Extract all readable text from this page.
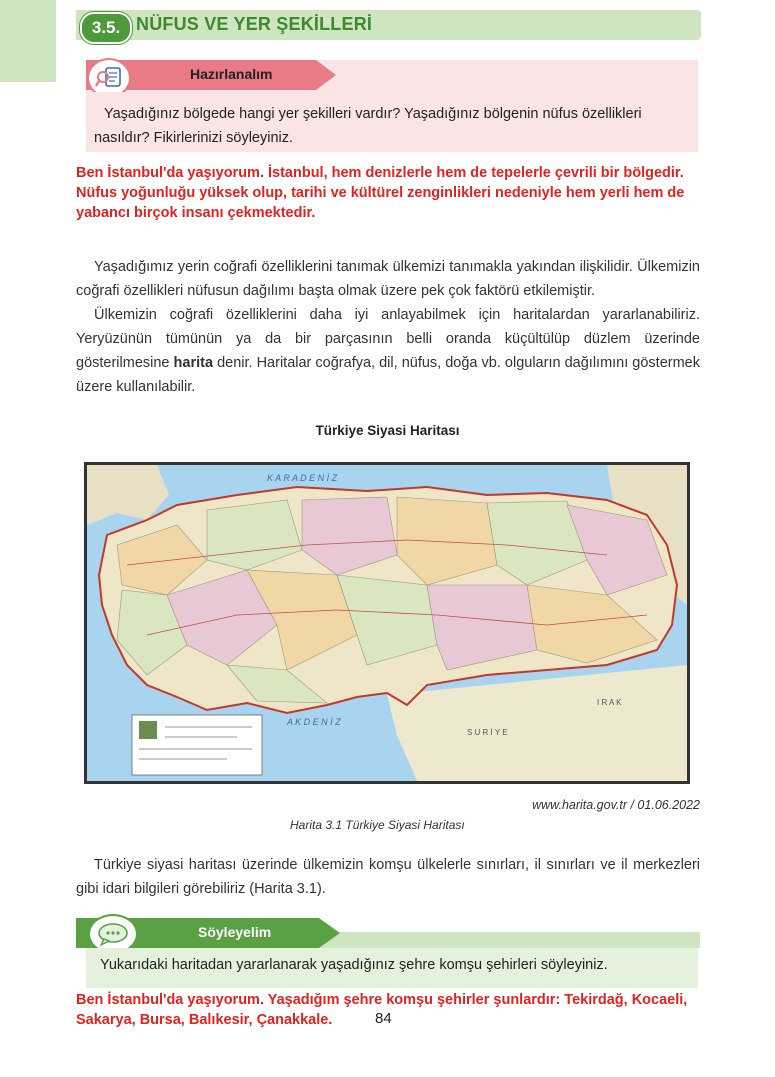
3.5. NÜFUS VE YER ŞEKİLLERİ
Hazırlanalım
Yaşadığınız bölgede hangi yer şekilleri vardır? Yaşadığınız bölgenin nüfus özellikleri nasıldır? Fikirlerinizi söyleyiniz.
Ben İstanbul'da yaşıyorum. İstanbul, hem denizlerle hem de tepelerle çevrili bir bölgedir. Nüfus yoğunluğu yüksek olup, tarihi ve kültürel zenginlikleri nedeniyle hem yerli hem de yabancı birçok insanı çekmektedir.

Yaşadığımız yerin coğrafi özelliklerini tanımak ülkemizi tanımakla yakından ilişkilidir. Ülkemizin coğrafi özellikleri nüfusun dağılımı başta olmak üzere pek çok faktörü etkilemiştir.

Ülkemizin coğrafi özelliklerini daha iyi anlayabilmek için haritalardan yararlanabiliriz. Yeryüzünün tümünün ya da bir parçasının belli oranda küçültülüp düzlem üzerinde gösterilmesine harita denir. Haritalar coğrafya, dil, nüfus, doğa vb. olguların dağılımını göstermek üzere kullanılabilir.

Türkiye Siyasi Haritası
K A R A D E N İ Z
A K D E N İ Z
S U R İ Y E
I R A K
www.harita.gov.tr / 01.06.2022
Harita 3.1 Türkiye Siyasi Haritası

Türkiye siyasi haritası üzerinde ülkemizin komşu ülkelerle sınırları, il sınırları ve il merkezleri gibi idari bilgileri görebiliriz (Harita 3.1).

Söyleyelim
Yukarıdaki haritadan yararlanarak yaşadığınız şehre komşu şehirleri söyleyiniz.
Ben İstanbul'da yaşıyorum. Yaşadığım şehre komşu şehirler şunlardır: Tekirdağ, Kocaeli, Sakarya, Bursa, Balıkesir, Çanakkale.	84
